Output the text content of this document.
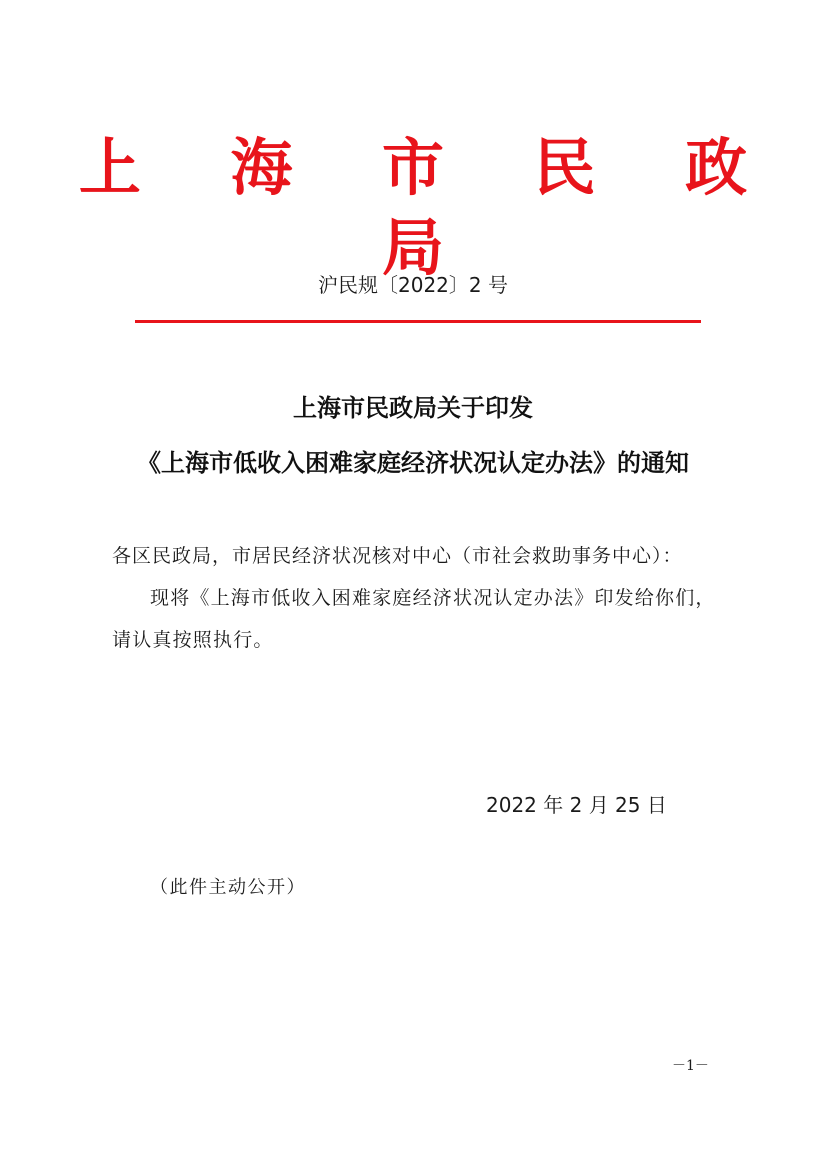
上 海 市 民 政 局
沪民规〔2022〕2 号
上海市民政局关于印发
《上海市低收入困难家庭经济状况认定办法》的通知
各区民政局，市居民经济状况核对中心（市社会救助事务中心）：
现将《上海市低收入困难家庭经济状况认定办法》印发给你们，
请认真按照执行。
2022 年 2 月 25 日
（此件主动公开）
－1－
